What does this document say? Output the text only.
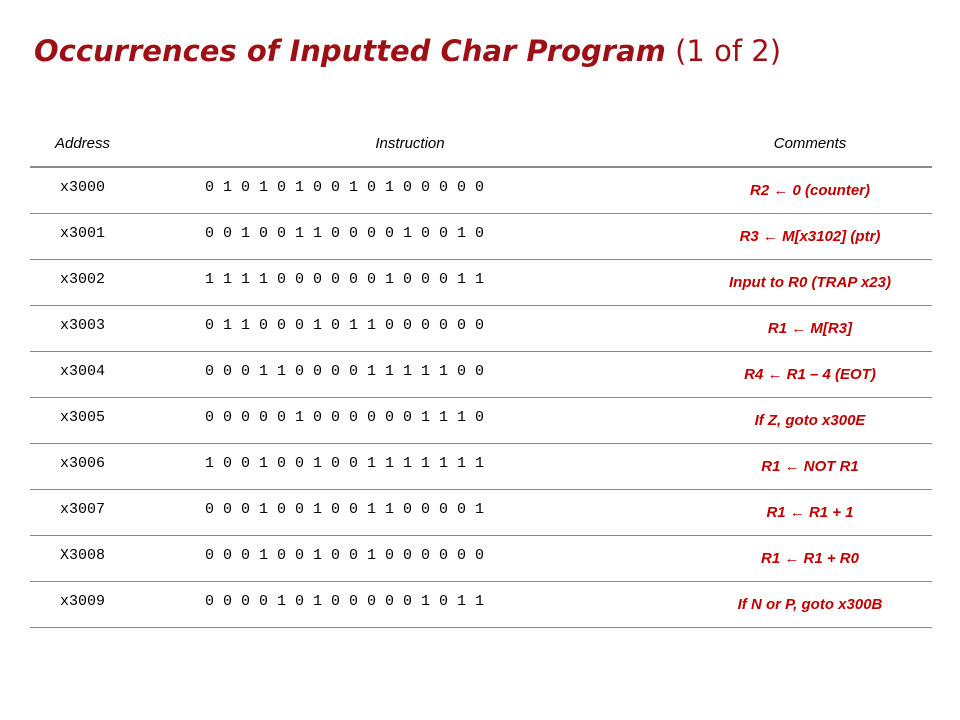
Occurrences of Inputted Char Program (1 of 2)
Address	Instruction	Comments
x3000	0 1 0 1 0 1 0 0 1 0 1 0 0 0 0 0	R2 ← 0 (counter)
x3001	0 0 1 0 0 1 1 0 0 0 0 1 0 0 1 0	R3 ← M[x3102] (ptr)
x3002	1 1 1 1 0 0 0 0 0 0 1 0 0 0 1 1	Input to R0 (TRAP x23)
x3003	0 1 1 0 0 0 1 0 1 1 0 0 0 0 0 0	R1 ← M[R3]
x3004	0 0 0 1 1 0 0 0 0 1 1 1 1 1 0 0	R4 ← R1 – 4 (EOT)
x3005	0 0 0 0 0 1 0 0 0 0 0 0 1 1 1 0	If Z, goto x300E
x3006	1 0 0 1 0 0 1 0 0 1 1 1 1 1 1 1	R1 ← NOT R1
x3007	0 0 0 1 0 0 1 0 0 1 1 0 0 0 0 1	R1 ← R1 + 1
X3008	0 0 0 1 0 0 1 0 0 1 0 0 0 0 0 0	R1 ← R1 + R0
x3009	0 0 0 0 1 0 1 0 0 0 0 0 1 0 1 1	If N or P, goto x300B
